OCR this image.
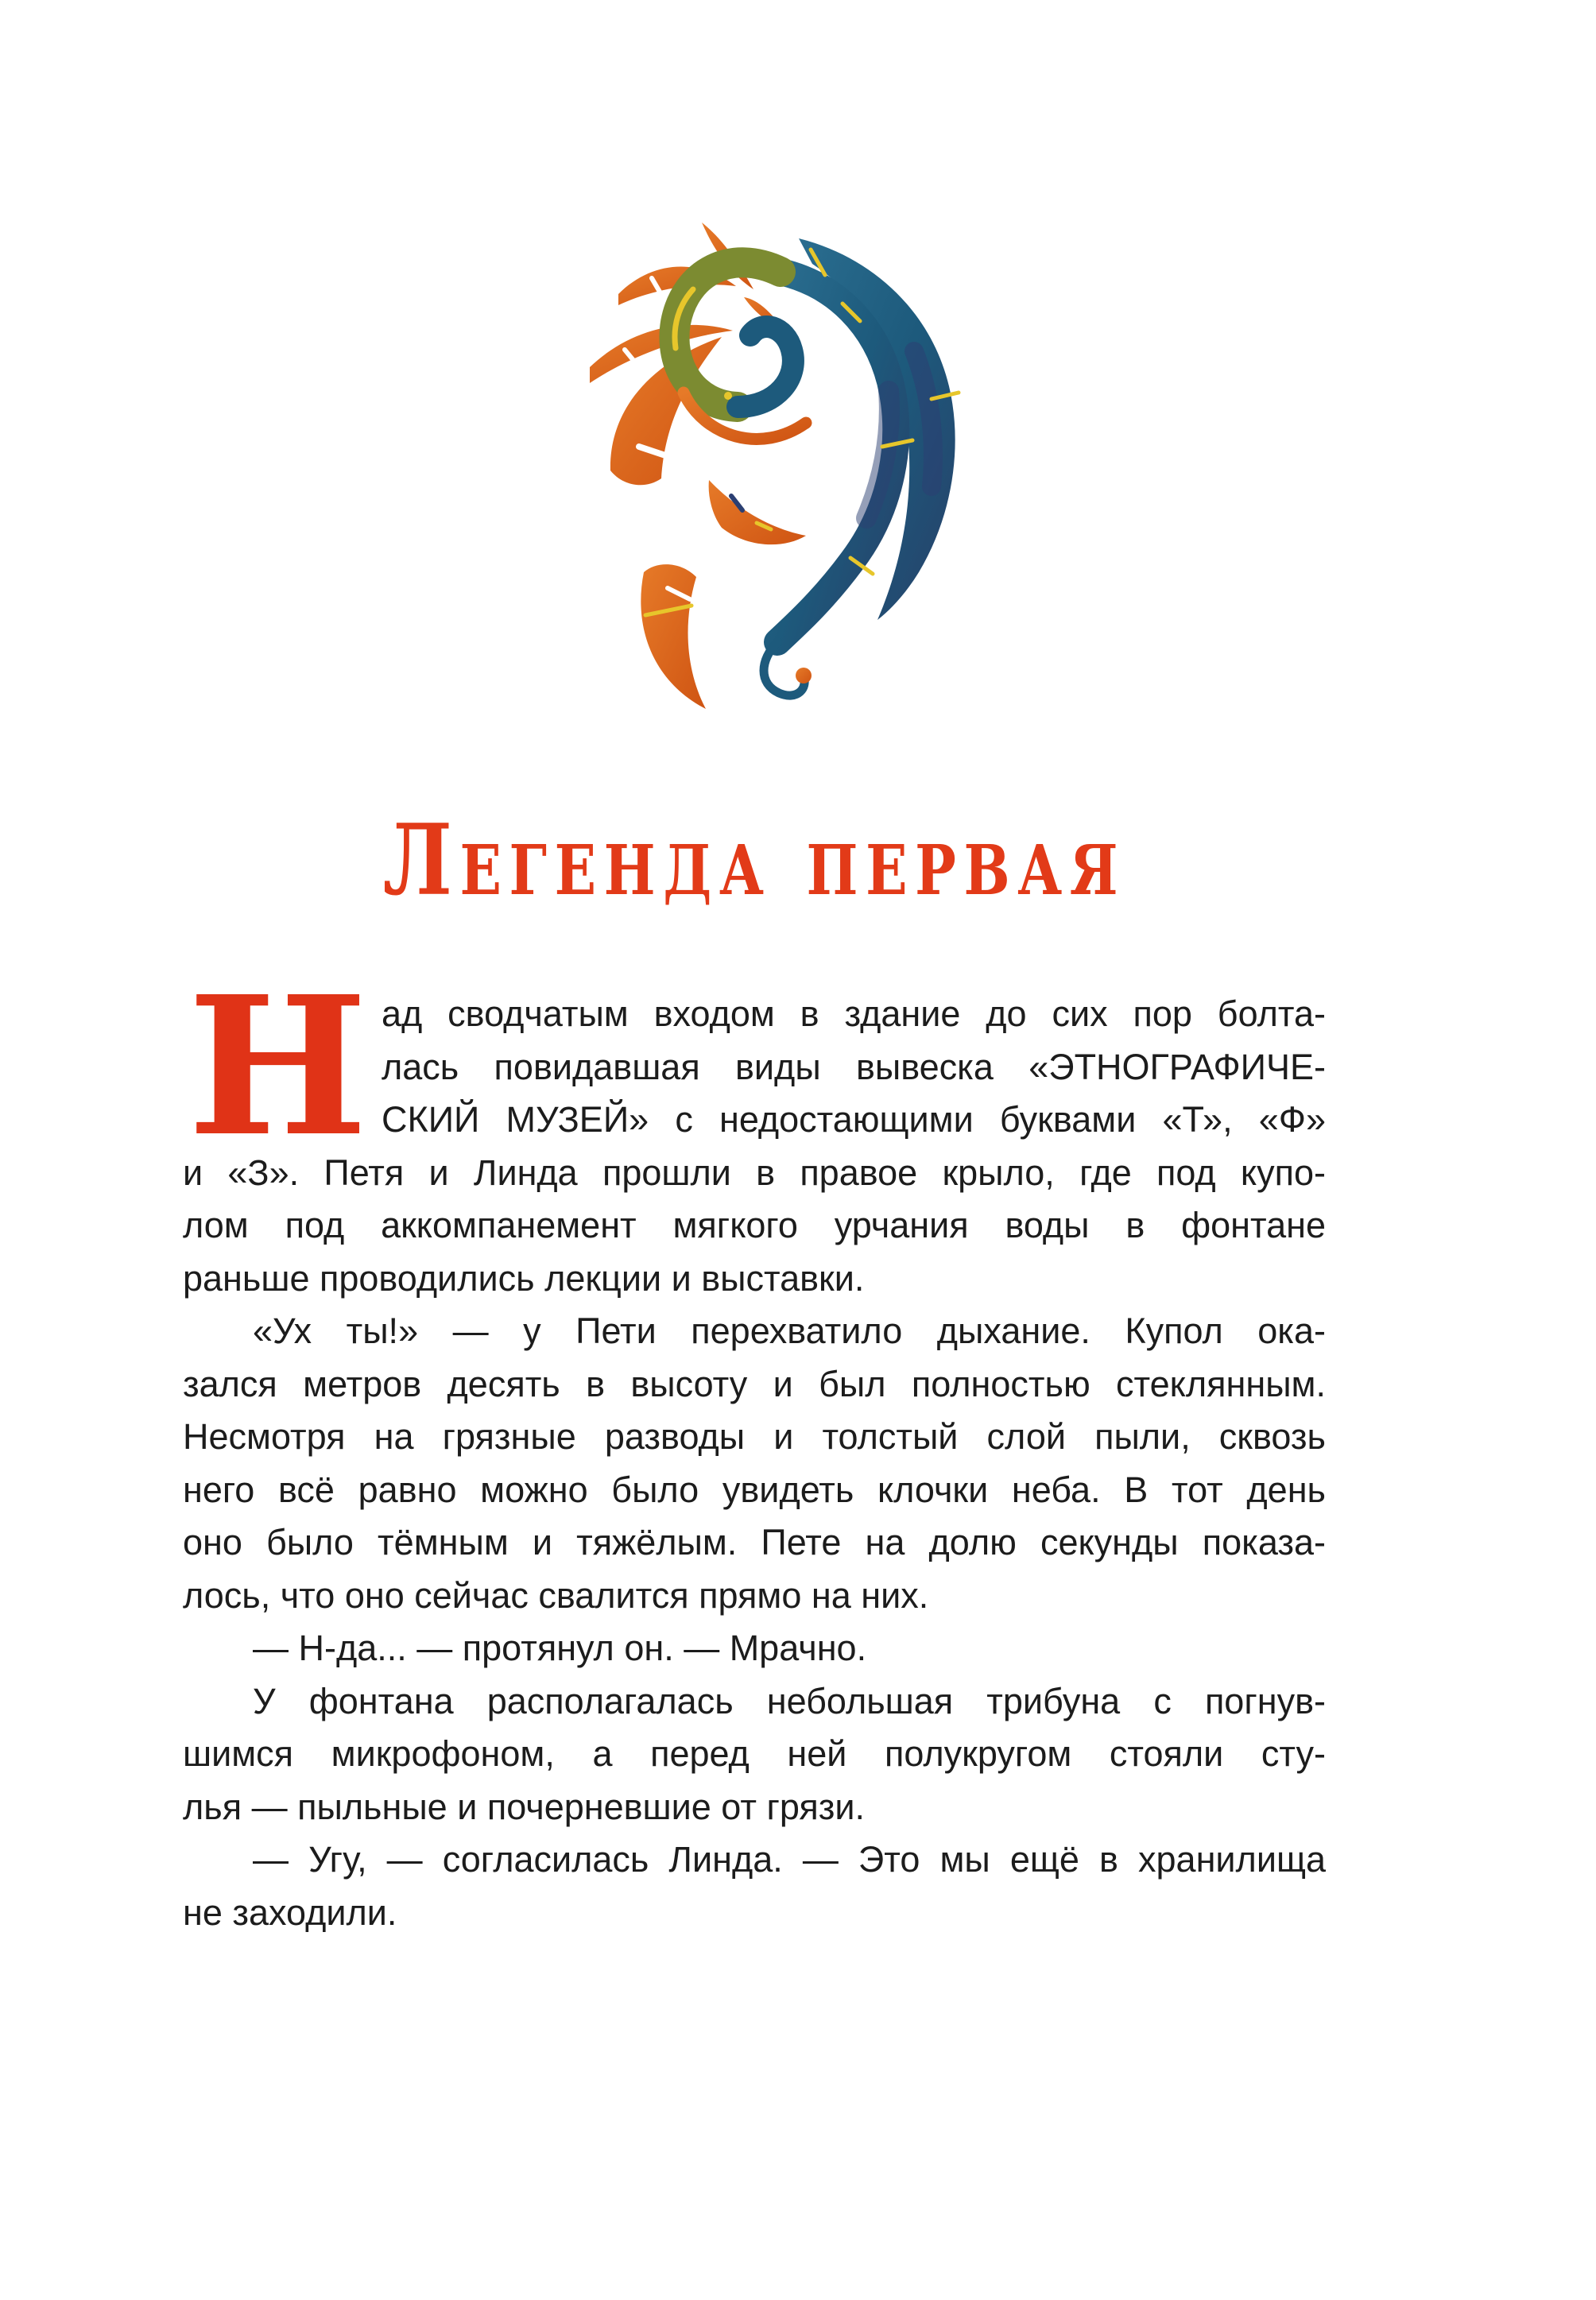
Легенда первая
Н ад сводчатым входом в здание до сих пор болта-
лась повидавшая виды вывеска «ЭТНОГРАФИЧЕ-
СКИЙ МУЗЕЙ» с недостающими буквами «Т», «Ф»
и «З». Петя и Линда прошли в правое крыло, где под купо-
лом под аккомпанемент мягкого урчания воды в фонтане
раньше проводились лекции и выставки.
«Ух ты!» — у Пети перехватило дыхание. Купол ока-
зался метров десять в высоту и был полностью стеклянным.
Несмотря на грязные разводы и толстый слой пыли, сквозь
него всё равно можно было увидеть клочки неба. В тот день
оно было тёмным и тяжёлым. Пете на долю секунды показа-
лось, что оно сейчас свалится прямо на них.
— Н-да... — протянул он. — Мрачно.
У фонтана располагалась небольшая трибуна с погнув-
шимся микрофоном, а перед ней полукругом стояли сту-
лья — пыльные и почерневшие от грязи.
— Угу, — согласилась Линда. — Это мы ещё в хранилища
не заходили.
